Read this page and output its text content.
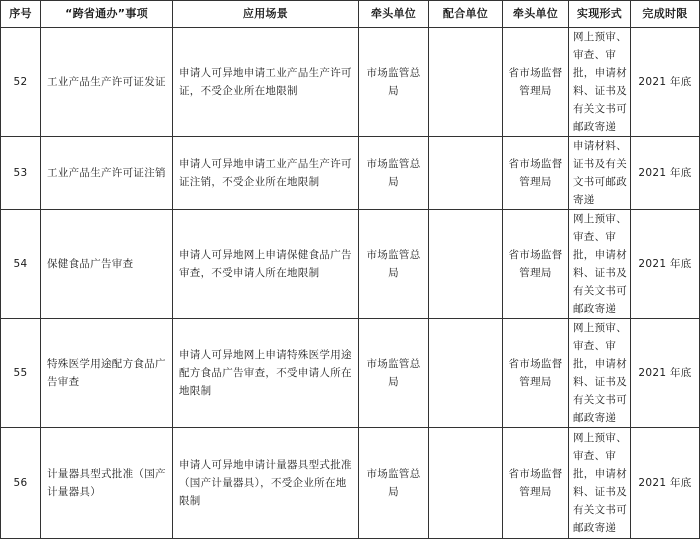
序号	“跨省通办”事项	应用场景	牵头单位	配合单位	牵头单位	实现形式	完成时限
52	工业产品生产许可证发证	申请人可异地申请工业产品生产许可证，不受企业所在地限制	市场监管总局		省市场监督管理局	网上预审、审查、审批，申请材料、证书及有关文书可邮政寄递	2021 年底
53	工业产品生产许可证注销	申请人可异地申请工业产品生产许可证注销，不受企业所在地限制	市场监管总局		省市场监督管理局	申请材料、证书及有关文书可邮政寄递	2021 年底
54	保健食品广告审查	申请人可异地网上申请保健食品广告审查，不受申请人所在地限制	市场监管总局		省市场监督管理局	网上预审、审查、审批，申请材料、证书及有关文书可邮政寄递	2021 年底
55	特殊医学用途配方食品广告审查	申请人可异地网上申请特殊医学用途配方食品广告审查，不受申请人所在地限制	市场监管总局		省市场监督管理局	网上预审、审查、审批，申请材料、证书及有关文书可邮政寄递	2021 年底
56	计量器具型式批准（国产计量器具）	申请人可异地申请计量器具型式批准（国产计量器具），不受企业所在地限制	市场监管总局		省市场监督管理局	网上预审、审查、审批，申请材料、证书及有关文书可邮政寄递	2021 年底
